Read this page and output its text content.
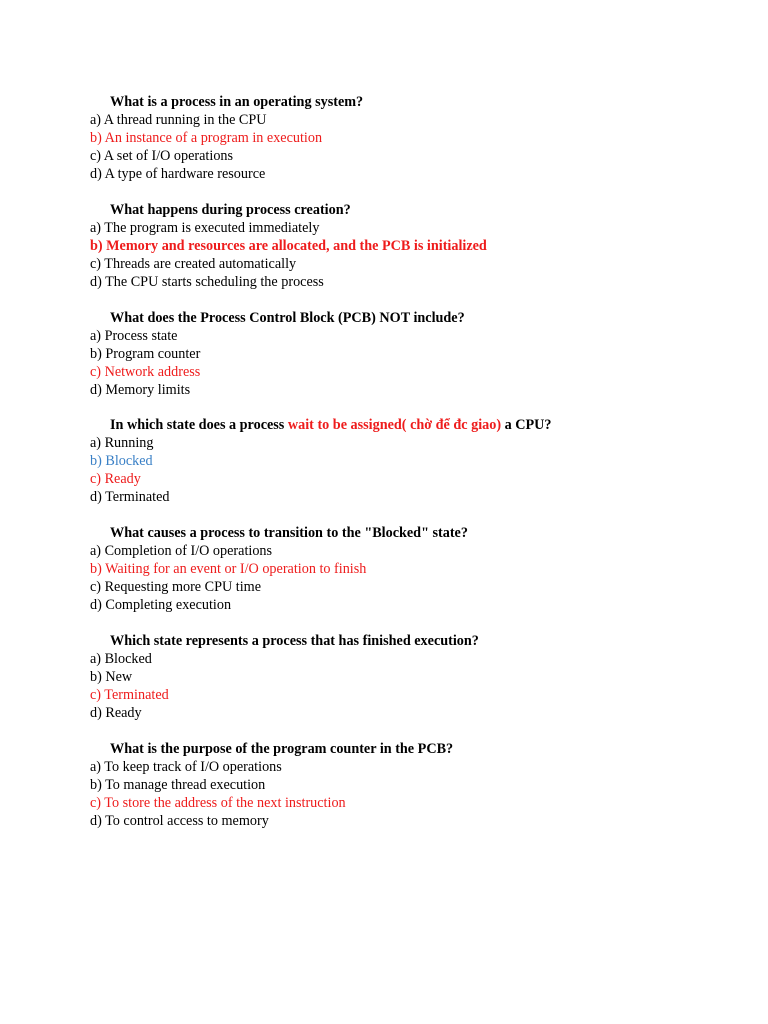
What is a process in an operating system?
a) A thread running in the CPU
b) An instance of a program in execution
c) A set of I/O operations
d) A type of hardware resource
What happens during process creation?
a) The program is executed immediately
b) Memory and resources are allocated, and the PCB is initialized
c) Threads are created automatically
d) The CPU starts scheduling the process
What does the Process Control Block (PCB) NOT include?
a) Process state
b) Program counter
c) Network address
d) Memory limits
In which state does a process wait to be assigned( chờ để đc giao) a CPU?
a) Running
b) Blocked
c) Ready
d) Terminated
What causes a process to transition to the "Blocked" state?
a) Completion of I/O operations
b) Waiting for an event or I/O operation to finish
c) Requesting more CPU time
d) Completing execution
Which state represents a process that has finished execution?
a) Blocked
b) New
c) Terminated
d) Ready
What is the purpose of the program counter in the PCB?
a) To keep track of I/O operations
b) To manage thread execution
c) To store the address of the next instruction
d) To control access to memory
